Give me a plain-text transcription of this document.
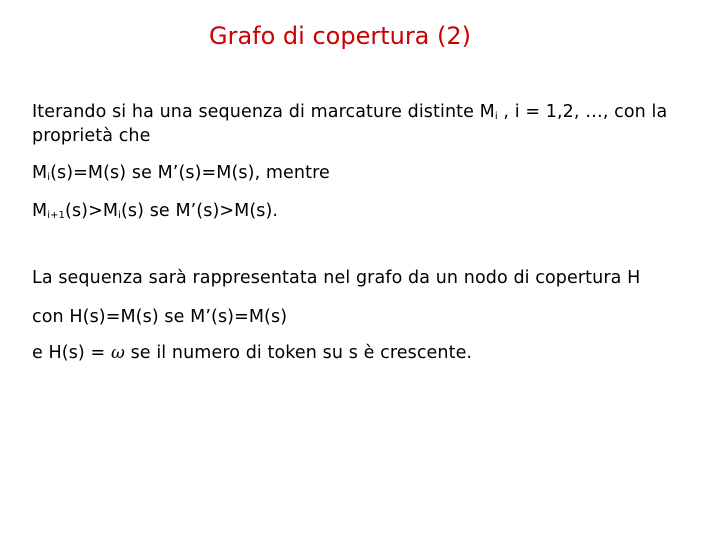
Grafo di copertura (2)
Iterando si ha una sequenza di marcature distinte $M_i$ , i = 1,2, …, con la
proprietà che
$M_i(s)=M(s)$ se M’(s)=M(s), mentre
$M_{i+1}(s)>M_i(s)$ se M’(s)>M(s).
La sequenza sarà rappresentata nel grafo da un nodo di copertura H
con H(s)=M(s) se M’(s)=M(s)
e H(s) = ω se il numero di token su s è crescente.
